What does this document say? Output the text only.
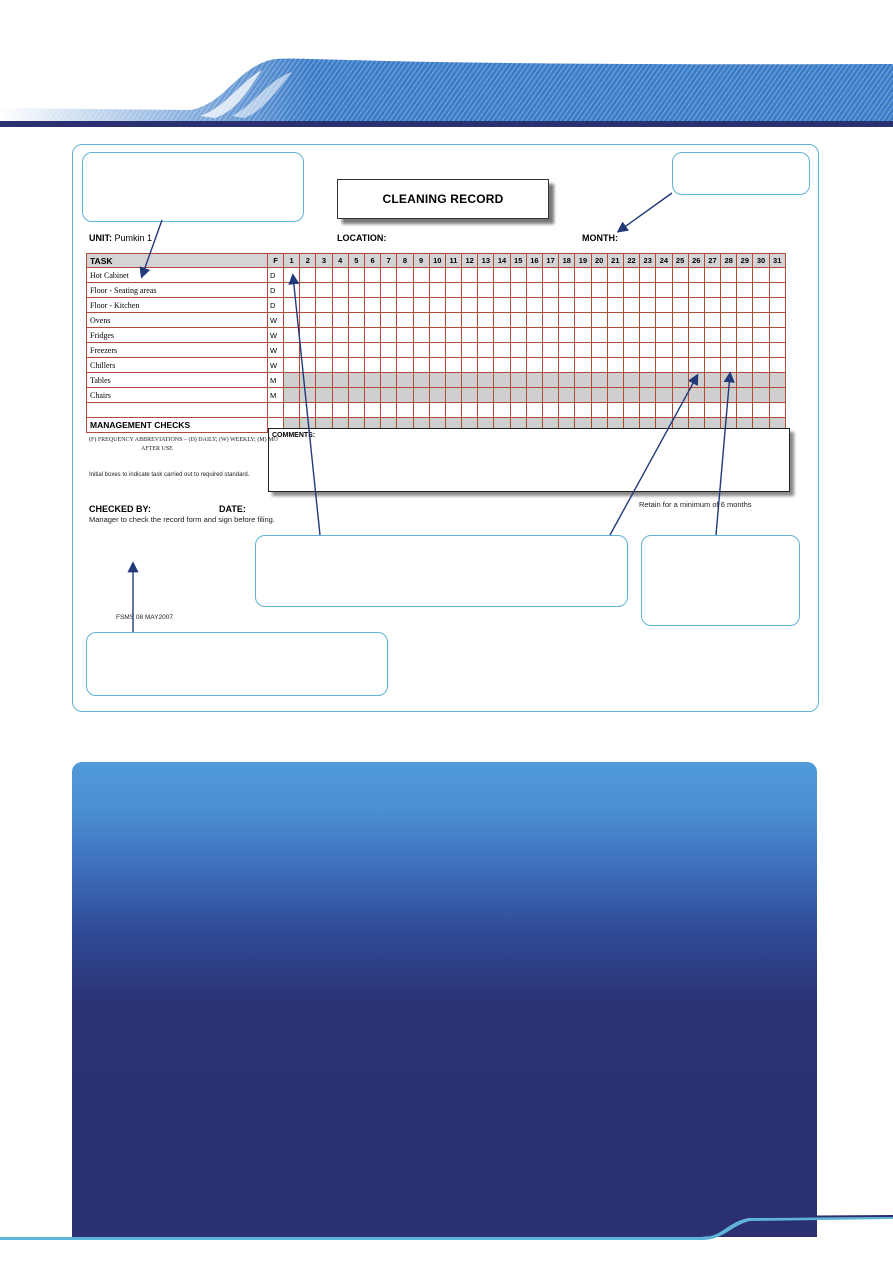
CLEANING RECORD
UNIT: Pumkin 1	LOCATION:	MONTH:
TASK	F	1	2	3	4	5	6	7	8	9	10	11	12	13	14	15	16	17	18	19	20	21	22	23	24	25	26	27	28	29	30	31
Hot Cabinet	D																															
Floor - Seating areas	D																															
Floor - Kitchen	D																															
Ovens	W																															
Fridges	W																															
Freezers	W																															
Chillers	W																															
Tables	M																															
Chairs	M																															

MANAGEMENT CHECKS																																
COMMENTS:
(F) FREQUENCY ABBREVIATIONS – (D) DAILY; (W) WEEKLY; (M) MO
AFTER USE
Initial boxes to indicate task carried out to required standard.
CHECKED BY:	DATE:
Manager to check the record form and sign before filing.
Retain for a minimum of 6 months
FSMS 08 MAY2007
